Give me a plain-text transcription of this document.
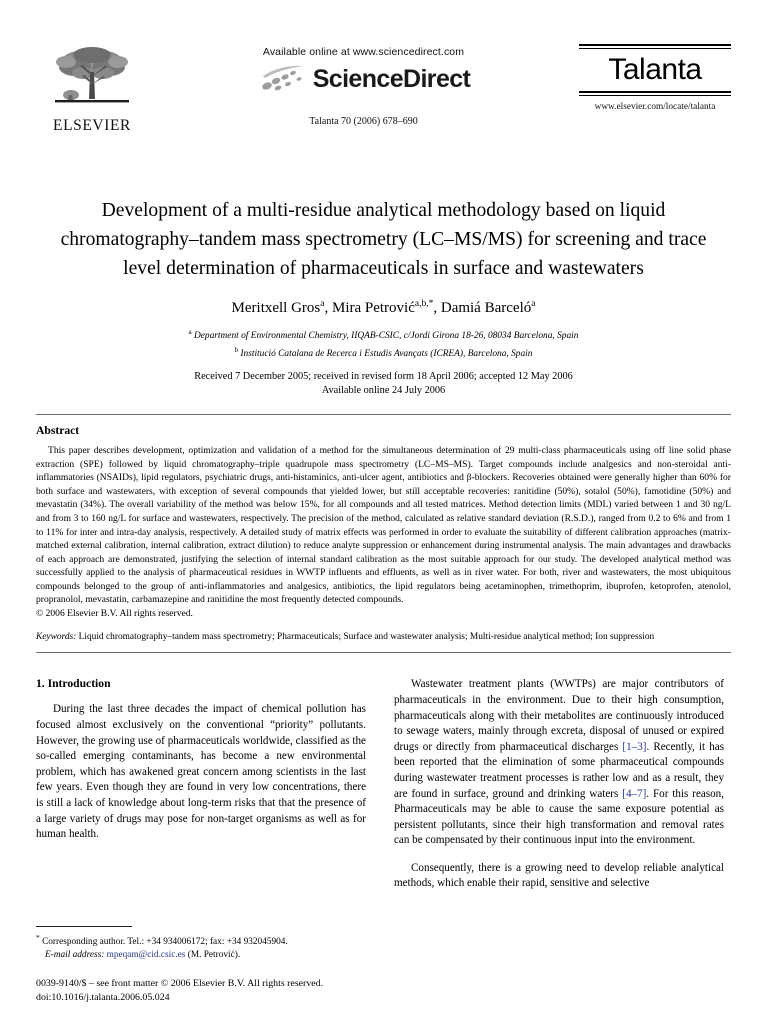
ELSEVIER
Available online at www.sciencedirect.com
ScienceDirect
Talanta 70 (2006) 678–690
Talanta
www.elsevier.com/locate/talanta
Development of a multi-residue analytical methodology based on liquid chromatography–tandem mass spectrometry (LC–MS/MS) for screening and trace level determination of pharmaceuticals in surface and wastewaters
Meritxell Gros$^a$, Mira Petrović$^{a,b,*}$, Damiá Barceló$^a$
$^a$ Department of Environmental Chemistry, IIQAB-CSIC, c/Jordi Girona 18-26, 08034 Barcelona, Spain
$^b$ Institució Catalana de Recerca i Estudis Avançats (ICREA), Barcelona, Spain
Received 7 December 2005; received in revised form 18 April 2006; accepted 12 May 2006
Available online 24 July 2006
Abstract
This paper describes development, optimization and validation of a method for the simultaneous determination of 29 multi-class pharmaceuticals using off line solid phase extraction (SPE) followed by liquid chromatography–triple quadrupole mass spectrometry (LC–MS–MS). Target compounds include analgesics and non-steroidal anti-inflammatories (NSAIDs), lipid regulators, psychiatric drugs, anti-histaminics, anti-ulcer agent, antibiotics and β-blockers. Recoveries obtained were generally higher than 60% for both surface and wastewaters, with exception of several compounds that yielded lower, but still acceptable recoveries: ranitidine (50%), sotalol (50%), famotidine (50%) and mevastatin (34%). The overall variability of the method was below 15%, for all compounds and all tested matrices. Method detection limits (MDL) varied between 1 and 30 ng/L and from 3 to 160 ng/L for surface and wastewaters, respectively. The precision of the method, calculated as relative standard deviation (R.S.D.), ranged from 0.2 to 6% and from 1 to 11% for inter and intra-day analysis, respectively. A detailed study of matrix effects was performed in order to evaluate the suitability of different calibration approaches (matrix-matched external calibration, internal calibration, extract dilution) to reduce analyte suppression or enhancement during instrumental analysis. The main advantages and drawbacks of each approach are demonstrated, justifying the selection of internal standard calibration as the most suitable approach for our study. The developed analytical method was successfully applied to the analysis of pharmaceutical residues in WWTP influents and effluents, as well as in river water. For both, river and wastewaters, the most ubiquitous compounds belonged to the group of anti-inflammatories and analgesics, antibiotics, the lipid regulators being acetaminophen, trimethoprim, ibuprofen, ketoprofen, atenolol, propranolol, mevastatin, carbamazepine and ranitidine the most frequently detected compounds.
© 2006 Elsevier B.V. All rights reserved.
Keywords: Liquid chromatography–tandem mass spectrometry; Pharmaceuticals; Surface and wastewater analysis; Multi-residue analytical method; Ion suppression
1. Introduction

During the last three decades the impact of chemical pollution has focused almost exclusively on the conventional “priority” pollutants. However, the growing use of pharmaceuticals worldwide, classified as the so-called emerging contaminants, has become a new environmental problem, which has awakened great concern among scientists in the last few years. Even though they are found in very low concentrations, there is still a lack of knowledge about long-term risks that that the presence of a large variety of drugs may pose for non-target organisms as well as for human health.

Wastewater treatment plants (WWTPs) are major contributors of pharmaceuticals in the environment. Due to their high consumption, pharmaceuticals along with their metabolites are continuously introduced to sewage waters, mainly through excreta, disposal of unused or expired drugs or directly from pharmaceutical discharges [1–3]. Recently, it has been reported that the elimination of some pharmaceutical compounds during wastewater treatment processes is rather low and as a result, they are found in surface, ground and drinking waters [4–7]. For this reason, Pharmaceuticals may be able to cause the same exposure potential as persistent pollutants, since their high transformation and removal rates can be compensated by their continuous input into the environment.

Consequently, there is a growing need to develop reliable analytical methods, which enable their rapid, sensitive and selective

* Corresponding author. Tel.: +34 934006172; fax: +34 932045904.
E-mail address: mpeqam@cid.csic.es (M. Petrović).
0039-9140/$ – see front matter © 2006 Elsevier B.V. All rights reserved.
doi:10.1016/j.talanta.2006.05.024
